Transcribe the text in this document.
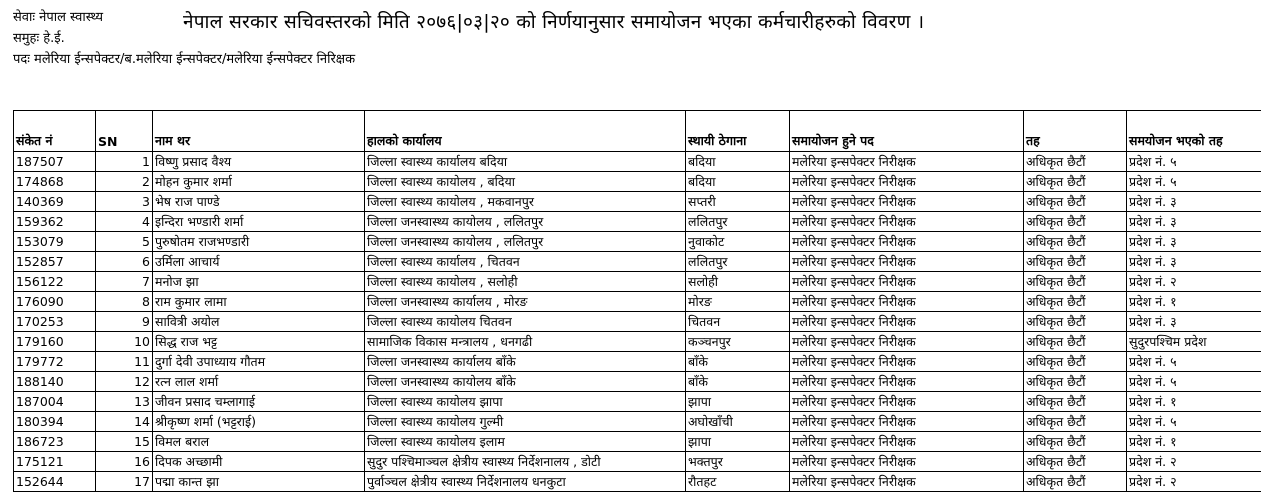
सेवाः नेपाल स्वास्थ्य
समुहः हे.ई.
पदः मलेरिया ईन्सपेक्टर/ब.मलेरिया ईन्सपेक्टर/मलेरिया ईन्सपेक्टर निरिक्षक
नेपाल सरकार सचिवस्तरको मिति २०७६|०३|२० को निर्णयानुसार समायोजन भएका कर्मचारीहरुको विवरण ।
संकेत नं	SN	नाम थर	हालको कार्यालय	स्थायी ठेगाना	समायोजन हुने पद	तह	समयोजन भएको तह
187507	1	विष्णु प्रसाद वैश्य	जिल्ला स्वास्थ्य कार्यालय बदिया	बदिया	मलेरिया इन्सपेक्टर निरीक्षक	अधिकृत छैटौं	प्रदेश नं. ५
174868	2	मोहन कुमार शर्मा	जिल्ला स्वास्थ्य कायोलय , बदिया	बदिया	मलेरिया इन्सपेक्टर निरीक्षक	अधिकृत छैटौं	प्रदेश नं. ५
140369	3	भेष राज पाण्डे	जिल्ला स्वास्थ्य कायोलय , मकवानपुर	सप्तरी	मलेरिया इन्सपेक्टर निरीक्षक	अधिकृत छैटौं	प्रदेश नं. ३
159362	4	इन्दिरा भण्डारी शर्मा	जिल्ला जनस्वास्थ्य कायोलय , ललितपुर	ललितपुर	मलेरिया इन्सपेक्टर निरीक्षक	अधिकृत छैटौं	प्रदेश नं. ३
153079	5	पुरुषोतम राजभण्डारी	जिल्ला जनस्वास्थ्य कायोलय , ललितपुर	नुवाकोट	मलेरिया इन्सपेक्टर निरीक्षक	अधिकृत छैटौं	प्रदेश नं. ३
152857	6	उर्मिला आचार्य	जिल्ला स्वास्थ्य कार्यालय , चितवन	ललितपुर	मलेरिया इन्सपेक्टर निरीक्षक	अधिकृत छैटौं	प्रदेश नं. ३
156122	7	मनोज झा	जिल्ला स्वास्थ्य कायोलय , सलोही	सलोही	मलेरिया इन्सपेक्टर निरीक्षक	अधिकृत छैटौं	प्रदेश नं. २
176090	8	राम कुमार लामा	जिल्ला जनस्वास्थ्य कार्यालय , मोरङ	मोरङ	मलेरिया इन्सपेक्टर निरीक्षक	अधिकृत छैटौं	प्रदेश नं. १
170253	9	सावित्री अयोल	जिल्ला स्वास्थ्य कायोलय चितवन	चितवन	मलेरिया इन्सपेक्टर निरीक्षक	अधिकृत छैटौं	प्रदेश नं. ३
179160	10	सिद्ध राज भट्ट	सामाजिक विकास मन्त्रालय , धनगढी	कञ्चनपुर	मलेरिया इन्सपेक्टर निरीक्षक	अधिकृत छैटौं	सुदुरपश्चिम प्रदेश
179772	11	दुर्गा देवी उपाध्याय गौतम	जिल्ला जनस्वास्थ्य कार्यालय बाँके	बाँके	मलेरिया इन्सपेक्टर निरीक्षक	अधिकृत छैटौं	प्रदेश नं. ५
188140	12	रत्न लाल शर्मा	जिल्ला जनस्वास्थ्य कायोलय बाँके	बाँके	मलेरिया इन्सपेक्टर निरीक्षक	अधिकृत छैटौं	प्रदेश नं. ५
187004	13	जीवन प्रसाद चम्लागाई	जिल्ला स्वास्थ्य कायोलय झापा	झापा	मलेरिया इन्सपेक्टर निरीक्षक	अधिकृत छैटौं	प्रदेश नं. १
180394	14	श्रीकृष्ण शर्मा (भट्टराई)	जिल्ला स्वास्थ्य कायोलय गुल्मी	अघोखाँची	मलेरिया इन्सपेक्टर निरीक्षक	अधिकृत छैटौं	प्रदेश नं. ५
186723	15	विमल बराल	जिल्ला स्वास्थ्य कायोलय इलाम	झापा	मलेरिया इन्सपेक्टर निरीक्षक	अधिकृत छैटौं	प्रदेश नं. १
175121	16	दिपक अच्छामी	सुदुर पश्चिमाञ्चल क्षेत्रीय स्वास्थ्य निर्देशनालय , डोटी	भक्तपुर	मलेरिया इन्सपेक्टर निरीक्षक	अधिकृत छैटौं	प्रदेश नं. २
152644	17	पद्मा कान्त झा	पुर्वाञ्चल क्षेत्रीय स्वास्थ्य निर्देशनालय धनकुटा	रौतहट	मलेरिया इन्सपेक्टर निरीक्षक	अधिकृत छैटौं	प्रदेश नं. २
